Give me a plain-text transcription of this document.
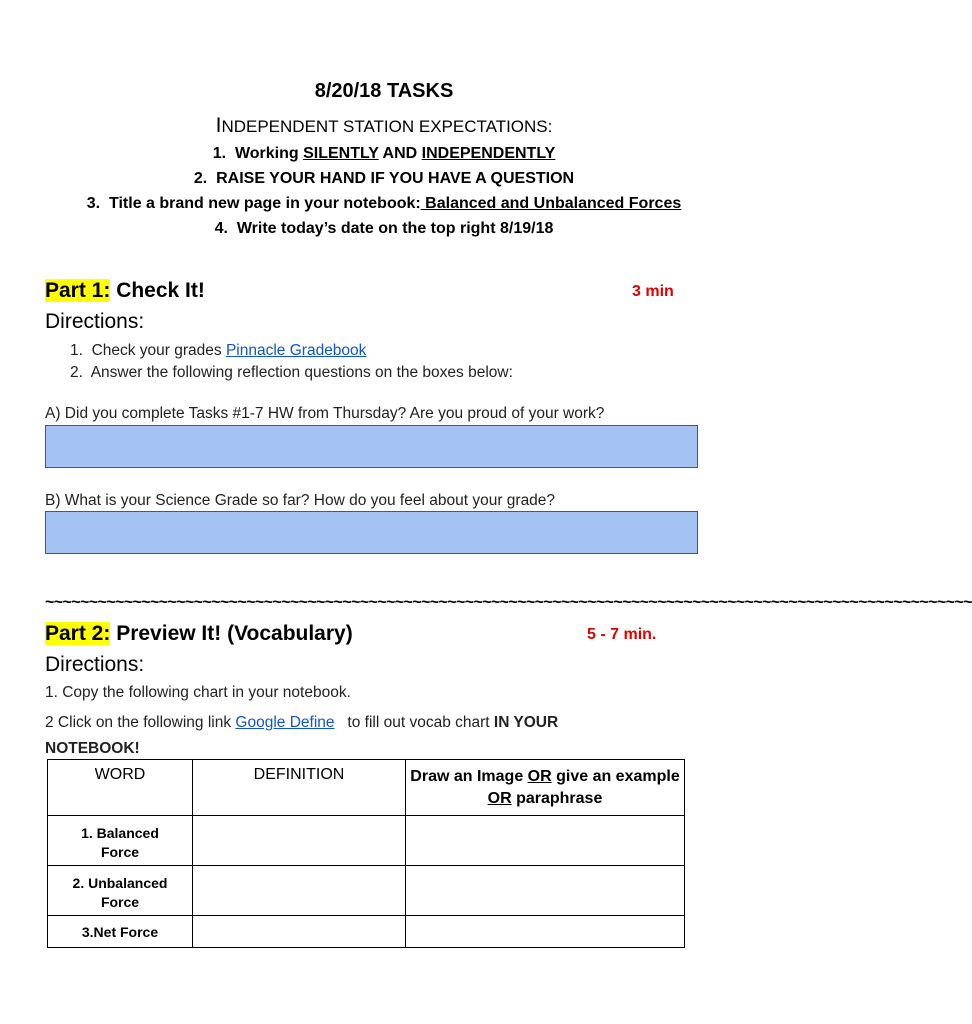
8/20/18 TASKS
INDEPENDENT STATION EXPECTATIONS:
1. Working SILENTLY AND INDEPENDENTLY
2. RAISE YOUR HAND IF YOU HAVE A QUESTION
3. Title a brand new page in your notebook: Balanced and Unbalanced Forces
4. Write today’s date on the top right 8/19/18
Part 1: Check It!	3 min
Directions:
1. Check your grades Pinnacle Gradebook
2.  Answer the following reflection questions on the boxes below:
A) Did you complete Tasks #1-7 HW from Thursday? Are you proud of your work?
B) What is your Science Grade so far? How do you feel about your grade?
~~~~~~~~~~~~~~~~~~~~~~~~~~~~~~~~~~~~~~~~~~~~~~~~~~~~~~~~~~~~~~~~~~~~~~~~~~~~~~~~~~~~~~~~~~~~~~~~~~~~~~~~~~
Part 2: Preview It! (Vocabulary)	5 - 7 min.
Directions:
1. Copy the following chart in your notebook.
2 Click on the following link Google Define   to fill out vocab chart IN YOUR NOTEBOOK!
WORD	DEFINITION	Draw an Image OR give an example OR paraphrase
1. Balanced Force		
2. Unbalanced Force		
3.Net Force		
